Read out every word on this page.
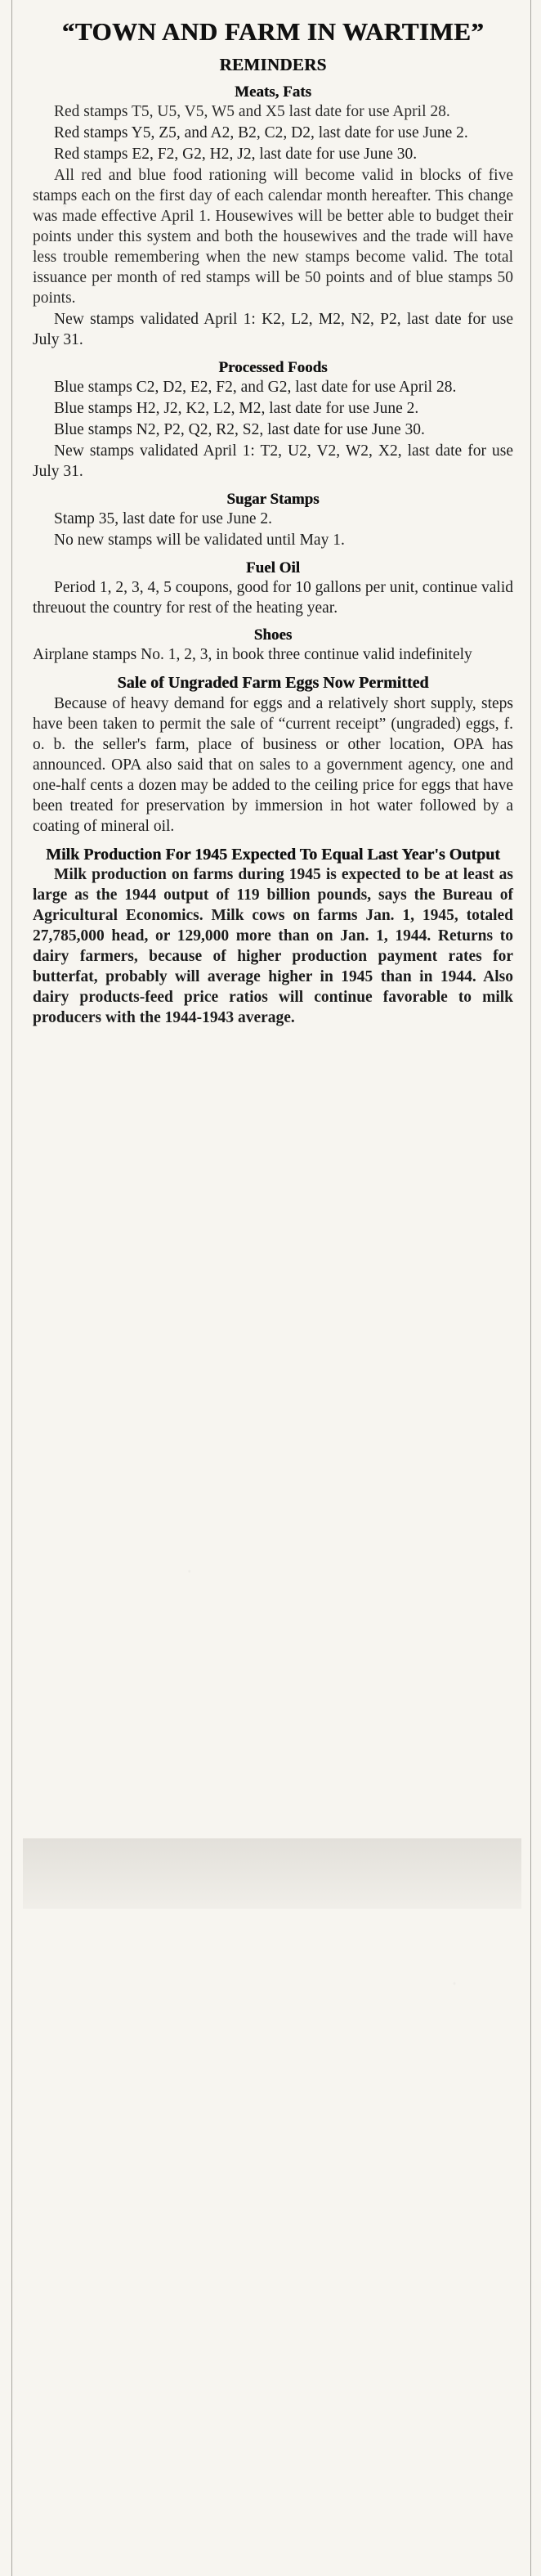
“TOWN AND FARM IN WARTIME”
REMINDERS
Meats, Fats

Red stamps T5, U5, V5, W5 and X5 last date for use April 28.

Red stamps Y5, Z5, and A2, B2, C2, D2, last date for use June 2.

Red stamps E2, F2, G2, H2, J2, last date for use June 30.

All red and blue food rationing will become valid in blocks of five stamps each on the first day of each calendar month hereafter. This change was made effective April 1. Housewives will be better able to budget their points under this system and both the housewives and the trade will have less trouble remembering when the new stamps become valid. The total issuance per month of red stamps will be 50 points and of blue stamps 50 points.

New stamps validated April 1: K2, L2, M2, N2, P2, last date for use July 31.

Processed Foods

Blue stamps C2, D2, E2, F2, and G2, last date for use April 28.

Blue stamps H2, J2, K2, L2, M2, last date for use June 2.

Blue stamps N2, P2, Q2, R2, S2, last date for use June 30.

New stamps validated April 1: T2, U2, V2, W2, X2, last date for use July 31.

Sugar Stamps

Stamp 35, last date for use June 2.

No new stamps will be validated until May 1.

Fuel Oil

Period 1, 2, 3, 4, 5 coupons, good for 10 gallons per unit, continue valid threuout the country for rest of the heating year.

Shoes

Airplane stamps No. 1, 2, 3, in book three continue valid indefinitely

Sale of Ungraded Farm Eggs Now Permitted

Because of heavy demand for eggs and a relatively short supply, steps have been taken to permit the sale of “current receipt” (ungraded) eggs, f. o. b. the seller's farm, place of business or other location, OPA has announced. OPA also said that on sales to a government agency, one and one-half cents a dozen may be added to the ceiling price for eggs that have been treated for preservation by immersion in hot water followed by a coating of mineral oil.

Milk Production For 1945 Expected To Equal Last Year's Output

Milk production on farms during 1945 is expected to be at least as large as the 1944 output of 119 billion pounds, says the Bureau of Agricultural Economics. Milk cows on farms Jan. 1, 1945, totaled 27,785,000 head, or 129,000 more than on Jan. 1, 1944. Returns to dairy farmers, because of higher production payment rates for butterfat, probably will average higher in 1945 than in 1944. Also dairy products-feed price ratios will continue favorable to milk producers with the 1944-1943 average.
